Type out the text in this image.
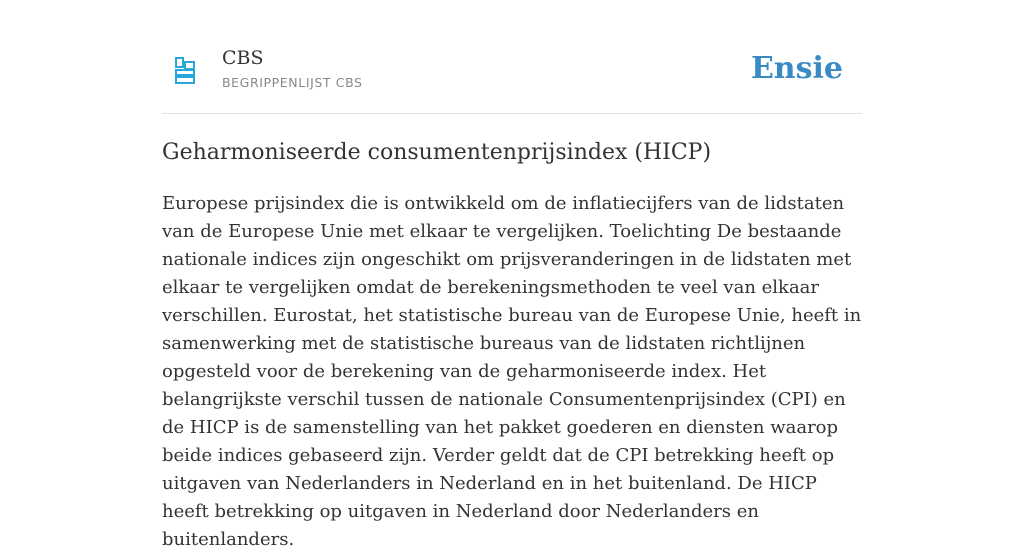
CBS
BEGRIPPENLIJST CBS	Ensie
Geharmoniseerde consumentenprijsindex (HICP)

Europese prijsindex die is ontwikkeld om de inflatiecijfers van de lidstaten van de Europese Unie met elkaar te vergelijken. Toelichting De bestaande nationale indices zijn ongeschikt om prijsveranderingen in de lidstaten met elkaar te vergelijken omdat de berekeningsmethoden te veel van elkaar verschillen. Eurostat, het statistische bureau van de Europese Unie, heeft in samenwerking met de statistische bureaus van de lidstaten richtlijnen opgesteld voor de berekening van de geharmoniseerde index. Het belangrijkste verschil tussen de nationale Consumentenprijsindex (CPI) en de HICP is de samenstelling van het pakket goederen en diensten waarop beide indices gebaseerd zijn. Verder geldt dat de CPI betrekking heeft op uitgaven van Nederlanders in Nederland en in het buitenland. De HICP heeft betrekking op uitgaven in Nederland door Nederlanders en buitenlanders.
